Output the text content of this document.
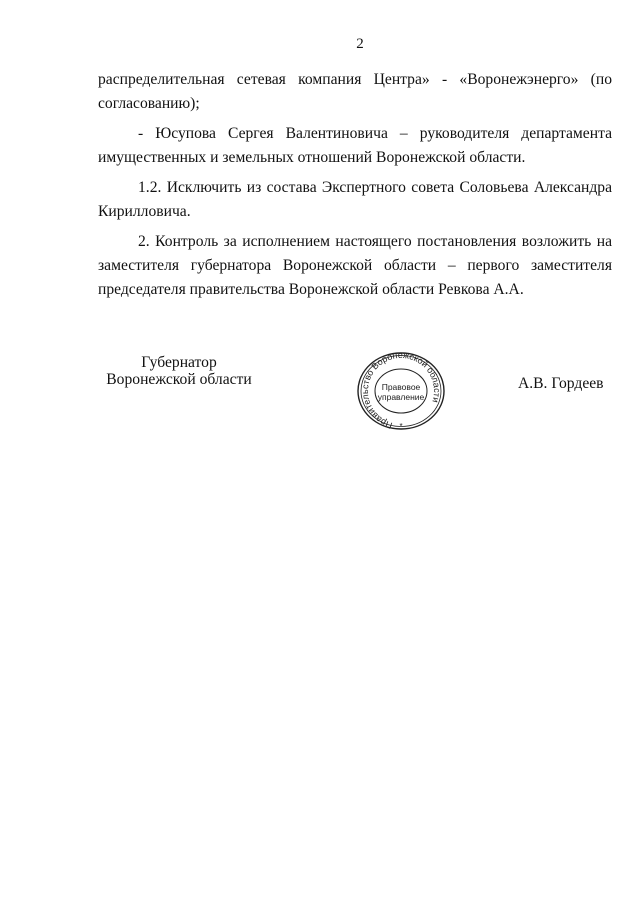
2

распределительная сетевая компания Центра» - «Воронежэнерго» (по

согласованию);

- Юсупова Сергея Валентиновича – руководителя департамента имущественных и земельных отношений Воронежской области.

1.2. Исключить из состава Экспертного совета Соловьева Александра Кирилловича.

2. Контроль за исполнением настоящего постановления возложить на заместителя губернатора Воронежской области – первого заместителя председателя правительства Воронежской области Ревкова А.А.

Губернатор
Воронежской области
Правительство Воронежской области
Правовое
управление
*
А.В. Гордеев
